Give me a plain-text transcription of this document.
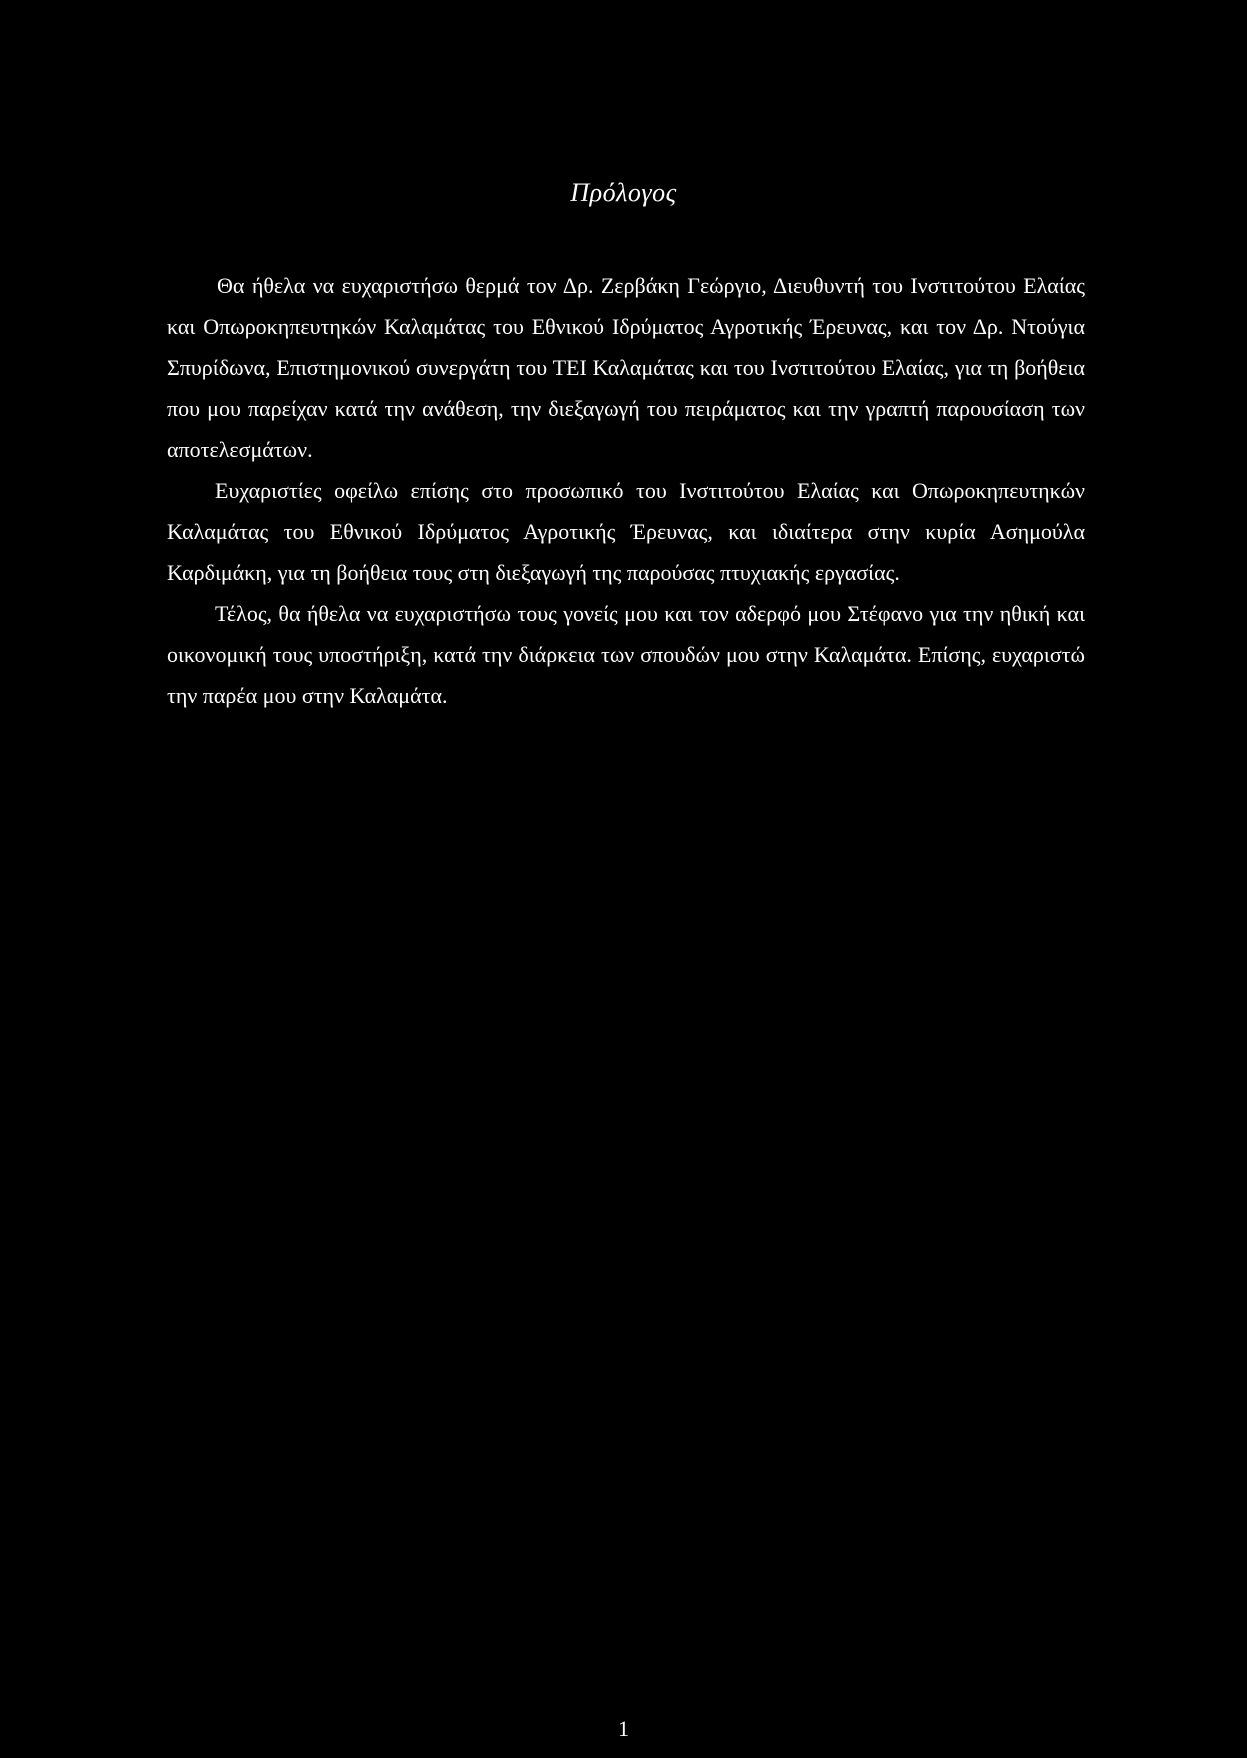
Πρόλογος

Θα ήθελα να ευχαριστήσω θερμά τον Δρ. Ζερβάκη Γεώργιο, Διευθυντή του Ινστιτούτου Ελαίας και Οπωροκηπευτηκών Καλαμάτας του Εθνικού Ιδρύματος Αγροτικής Έρευνας, και τον Δρ. Ντούγια Σπυρίδωνα, Επιστημονικού συνεργάτη του ΤΕΙ Καλαμάτας και του Ινστιτούτου Ελαίας, για τη βοήθεια που μου παρείχαν κατά την ανάθεση, την διεξαγωγή του πειράματος και την γραπτή παρουσίαση των αποτελεσμάτων.

Ευχαριστίες οφείλω επίσης στο προσωπικό του Ινστιτούτου Ελαίας και Οπωροκηπευτηκών Καλαμάτας του Εθνικού Ιδρύματος Αγροτικής Έρευνας, και ιδιαίτερα στην κυρία Ασημούλα Καρδιμάκη, για τη βοήθεια τους στη διεξαγωγή της παρούσας πτυχιακής εργασίας.

Τέλος, θα ήθελα να ευχαριστήσω τους γονείς μου και τον αδερφό μου Στέφανο για την ηθική και οικονομική τους υποστήριξη, κατά την διάρκεια των σπουδών μου στην Καλαμάτα. Επίσης, ευχαριστώ την παρέα μου στην Καλαμάτα.

1
